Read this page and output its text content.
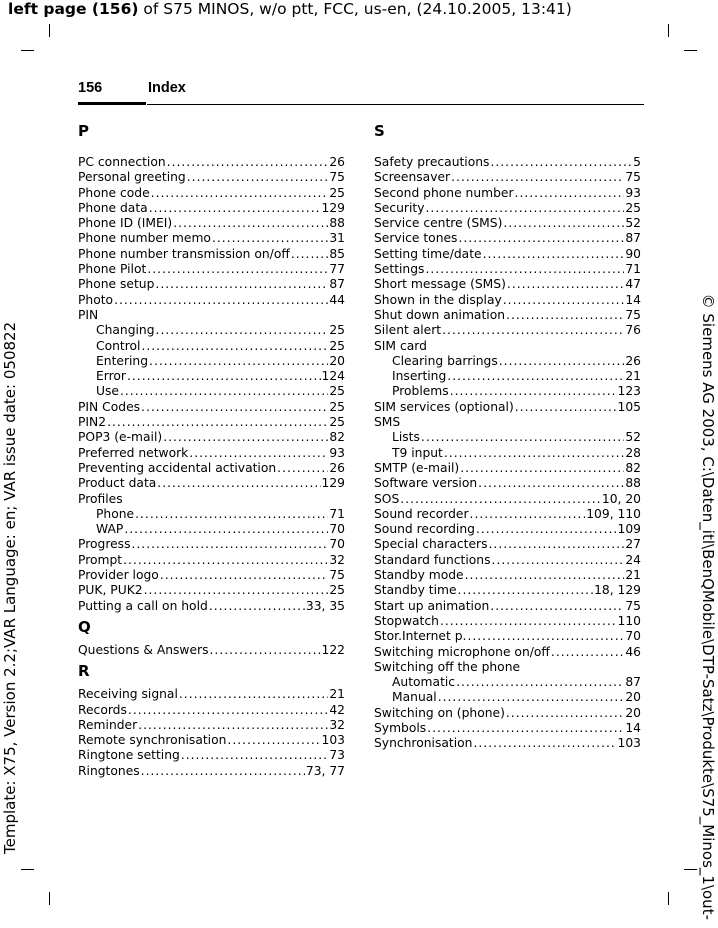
left page (156) of S75 MINOS, w/o ptt, FCC, us-en, (24.10.2005, 13:41)
Template: X75, Version 2.2;VAR Language: en; VAR issue date: 050822	© Siemens AG 2003, C:\Daten_itl\BenQMobile\DTP-Satz\Produkte\S75_Minos_1\out-
156	Index
P
PC connection .....	26
Personal greeting .....	75
Phone code .....	25
Phone data .....	129
Phone ID (IMEI) .....	88
Phone number memo .....	31
Phone number transmission on/off .....	85
Phone Pilot .....	77
Phone setup .....	87
Photo .....	44
PIN
Changing .....	25
Control .....	25
Entering .....	20
Error .....	124
Use .....	25
PIN Codes .....	25
PIN2 .....	25
POP3 (e-mail) .....	82
Preferred network .....	93
Preventing accidental activation .....	26
Product data .....	129
Profiles
Phone .....	71
WAP .....	70
Progress .....	70
Prompt .....	32
Provider logo .....	75
PUK, PUK2 .....	25
Putting a call on hold .....	33, 35
Q
Questions & Answers .....	122
R
Receiving signal .....	21
Records .....	42
Reminder .....	32
Remote synchronisation .....	103
Ringtone setting .....	73
Ringtones .....	73, 77
S
Safety precautions .....	5
Screensaver .....	75
Second phone number .....	93
Security .....	25
Service centre (SMS) .....	52
Service tones .....	87
Setting time/date .....	90
Settings .....	71
Short message (SMS) .....	47
Shown in the display .....	14
Shut down animation .....	75
Silent alert .....	76
SIM card
Clearing barrings .....	26
Inserting .....	21
Problems .....	123
SIM services (optional) .....	105
SMS
Lists .....	52
T9 input .....	28
SMTP (e-mail) .....	82
Software version .....	88
SOS .....	10, 20
Sound recorder .....	109, 110
Sound recording .....	109
Special characters .....	27
Standard functions .....	24
Standby mode .....	21
Standby time .....	18, 129
Start up animation .....	75
Stopwatch .....	110
Stor.Internet p. .....	70
Switching microphone on/off .....	46
Switching off the phone
Automatic .....	87
Manual .....	20
Switching on (phone) .....	20
Symbols .....	14
Synchronisation .....	103
